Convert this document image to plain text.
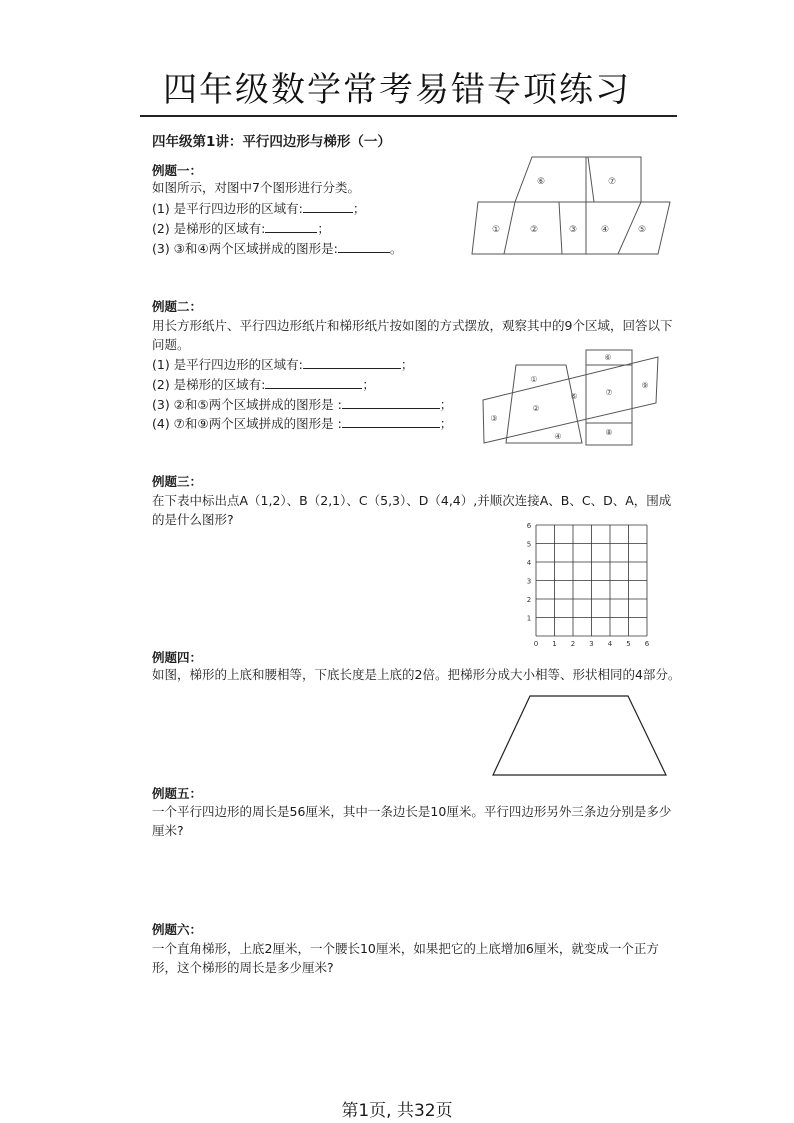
四年级数学常考易错专项练习
四年级第1讲：平行四边形与梯形（一）
例题一：
如图所示，对图中7个图形进行分类。
(1) 是平行四边形的区域有:	；
(2) 是梯形的区域有:	；
(3) ③和④两个区域拼成的图形是:	。
①	②	③	④	⑤
⑥	⑦
例题二：
用长方形纸片、平行四边形纸片和梯形纸片按如图的方式摆放，观察其中的9个区域，回答以下问题。
(1) 是平行四边形的区域有:	；
(2) 是梯形的区域有:	；
(3) ②和⑤两个区域拼成的图形是 :	；
(4) ⑦和⑨两个区域拼成的图形是 :	；
①
②
③
④
⑤
⑥
⑦
⑧
⑨
例题三：
在下表中标出点A（1,2）、B（2,1）、C（5,3）、D（4,4）,并顺次连接A、B、C、D、A，围成的是什么图形?
0 1 2 3 4 5 6
1
2
3
4
5
6
例题四：
如图，梯形的上底和腰相等，下底长度是上底的2倍。把梯形分成大小相等、形状相同的4部分。
例题五：
一个平行四边形的周长是56厘米，其中一条边长是10厘米。平行四边形另外三条边分别是多少厘米?
例题六：
一个直角梯形，上底2厘米，一个腰长10厘米，如果把它的上底增加6厘米，就变成一个正方形，这个梯形的周长是多少厘米?
第1页, 共32页
